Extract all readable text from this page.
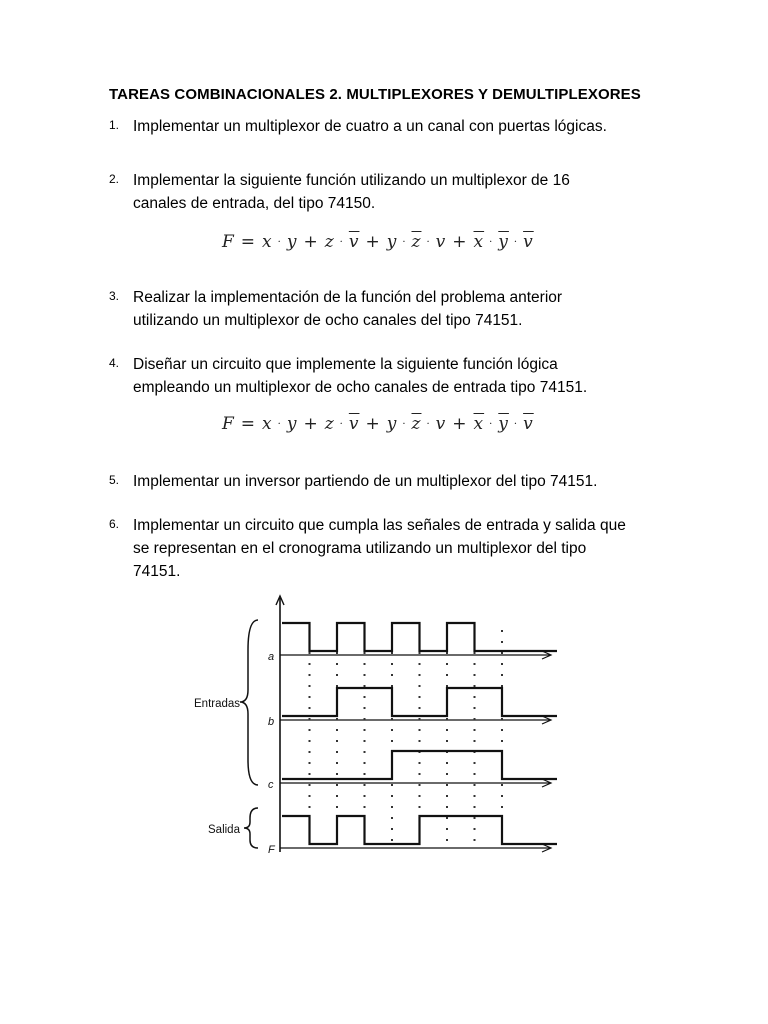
TAREAS COMBINACIONALES 2. MULTIPLEXORES Y DEMULTIPLEXORES
1. Implementar un multiplexor de cuatro a un canal con puertas lógicas.
2. Implementar la siguiente función utilizando un multiplexor de 16
canales de entrada, del tipo 74150.
$F = x \cdot y + z \cdot \overline{v} + y \cdot \overline{z} \cdot v + \overline{x} \cdot \overline{y} \cdot \overline{v}$
3. Realizar la implementación de la función del problema anterior
utilizando un multiplexor de ocho canales del tipo 74151.
4. Diseñar un circuito que implemente la siguiente función lógica
empleando un multiplexor de ocho canales de entrada tipo 74151.
$F = x \cdot y + z \cdot \overline{v} + y \cdot \overline{z} \cdot v + \overline{x} \cdot \overline{y} \cdot \overline{v}$
5. Implementar un inversor partiendo de un multiplexor del tipo 74151.
6. Implementar un circuito que cumpla las señales de entrada y salida que
se representan en el cronograma utilizando un multiplexor del tipo
74151.
a
b
c
F
Entradas
Salida
